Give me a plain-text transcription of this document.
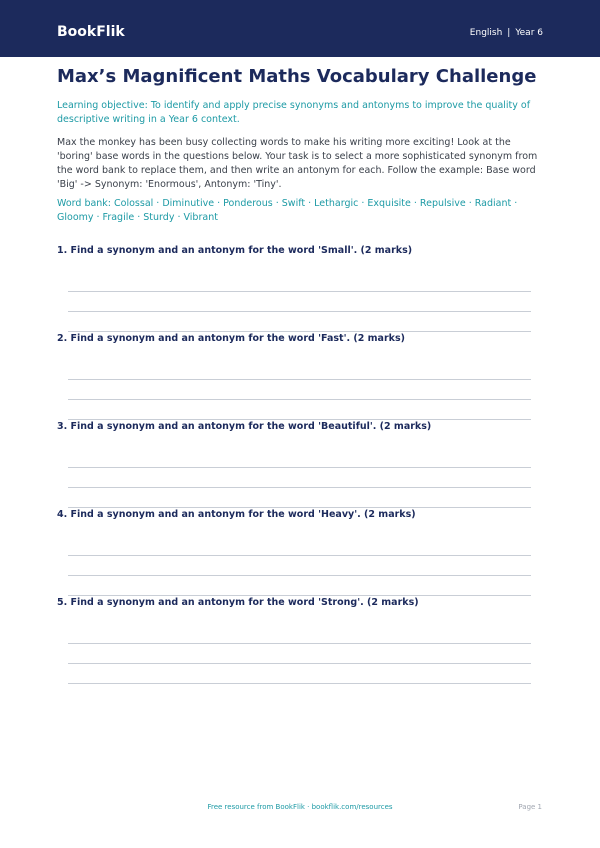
BookFlik	English | Year 6
Max’s Magnificent Maths Vocabulary Challenge

Learning objective: To identify and apply precise synonyms and antonyms to improve the quality of descriptive writing in a Year 6 context.

Max the monkey has been busy collecting words to make his writing more exciting! Look at the 'boring' base words in the questions below. Your task is to select a more sophisticated synonym from the word bank to replace them, and then write an antonym for each. Follow the example: Base word 'Big' -> Synonym: 'Enormous', Antonym: 'Tiny'.

Word bank: Colossal · Diminutive · Ponderous · Swift · Lethargic · Exquisite · Repulsive · Radiant · Gloomy · Fragile · Sturdy · Vibrant

1. Find a synonym and an antonym for the word 'Small'. (2 marks)

2. Find a synonym and an antonym for the word 'Fast'. (2 marks)

3. Find a synonym and an antonym for the word 'Beautiful'. (2 marks)

4. Find a synonym and an antonym for the word 'Heavy'. (2 marks)

5. Find a synonym and an antonym for the word 'Strong'. (2 marks)

Free resource from BookFlik · bookflik.com/resources	Page 1
